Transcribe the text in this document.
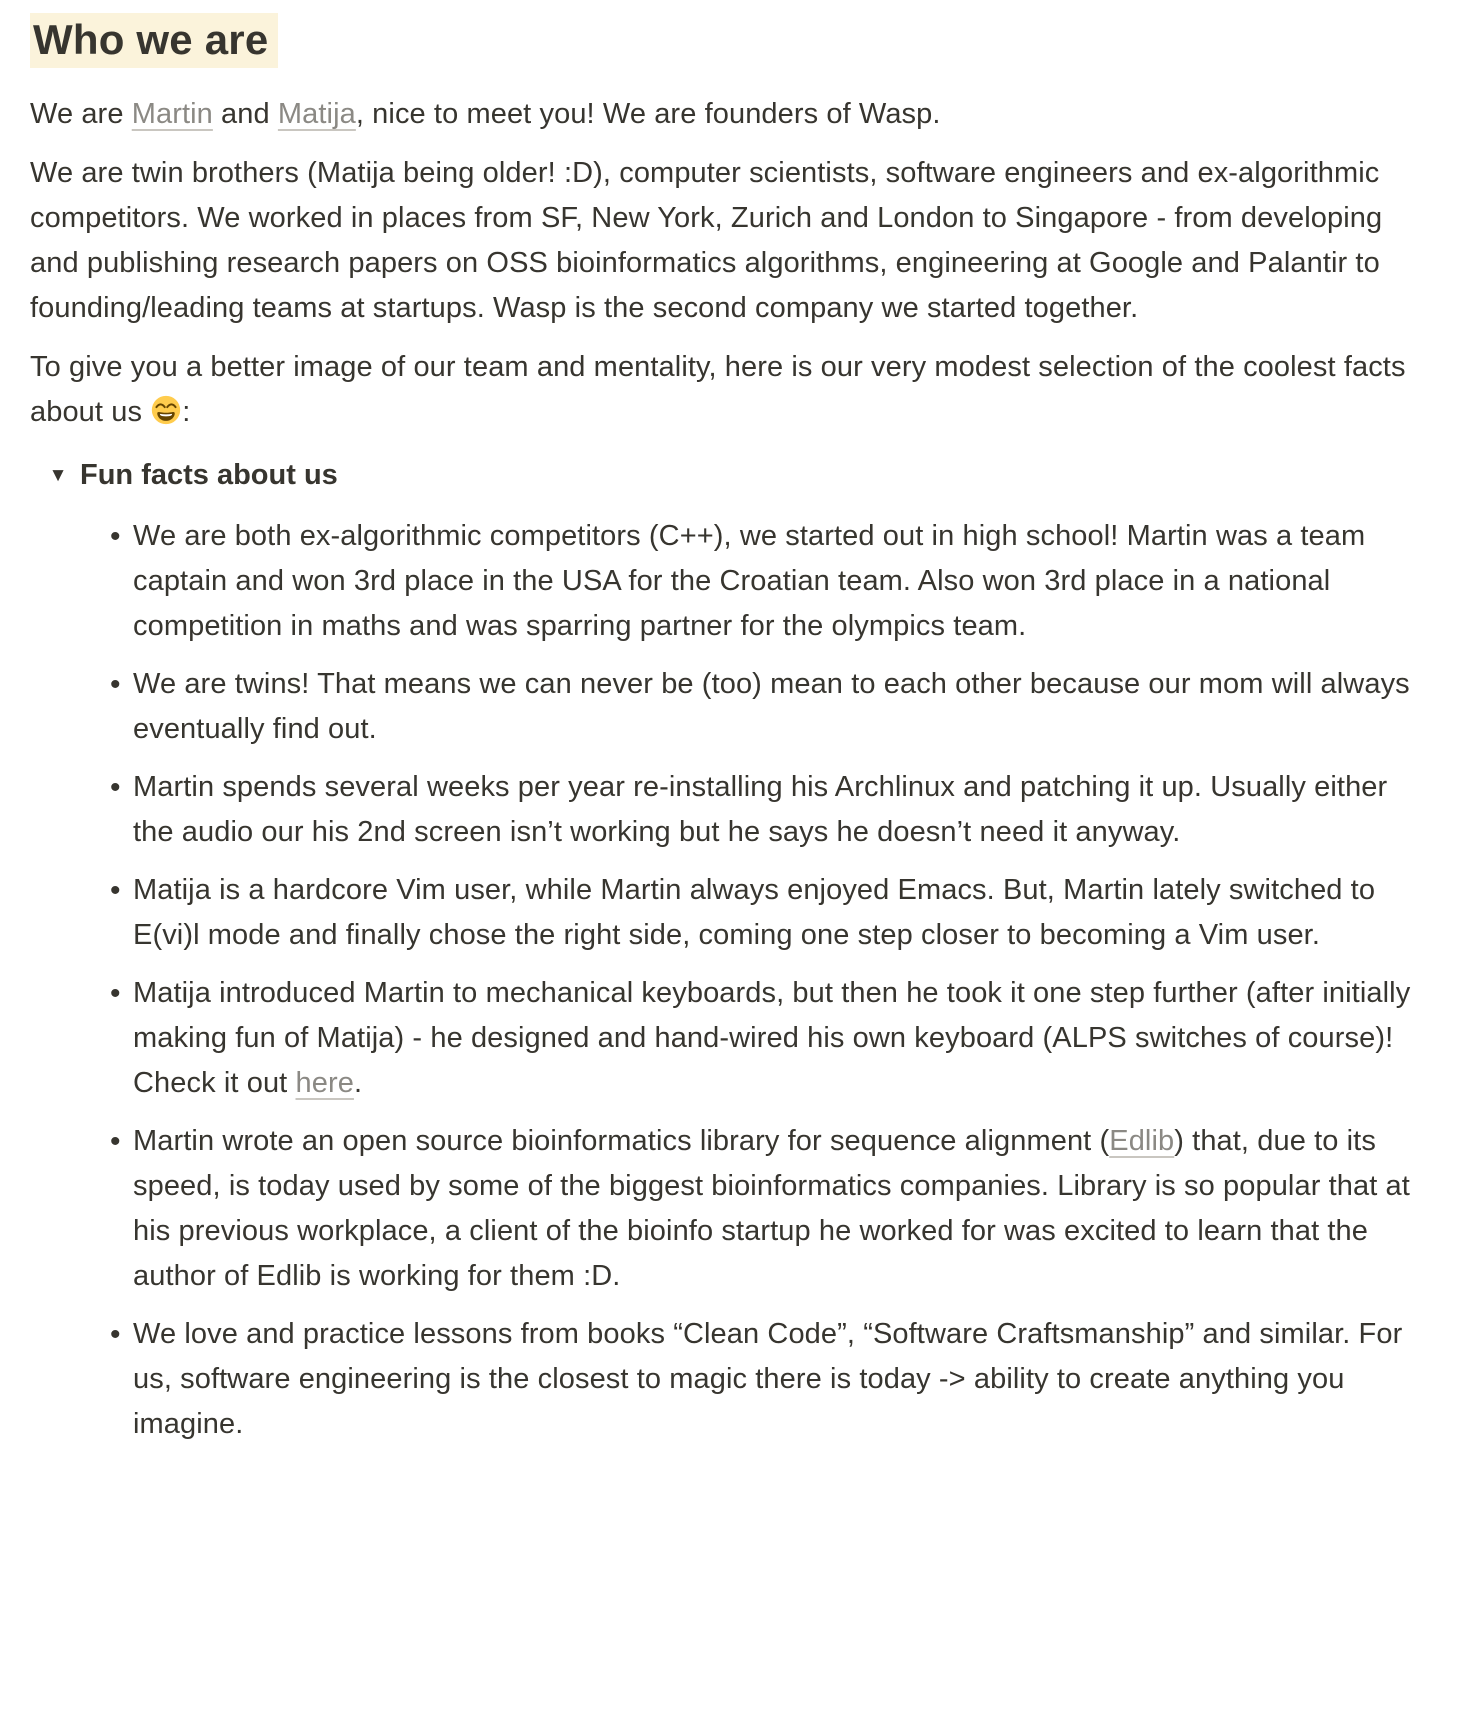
Who we are

We are Martin and Matija, nice to meet you! We are founders of Wasp.

We are twin brothers (Matija being older! :D), computer scientists, software engineers and ex-algorithmic competitors. We worked in places from SF, New York, Zurich and London to Singapore - from developing and publishing research papers on OSS bioinformatics algorithms, engineering at Google and Palantir to founding/leading teams at startups. Wasp is the second company we started together.

To give you a better image of our team and mentality, here is our very modest selection of the coolest facts about us :

▼ Fun facts about us
• We are both ex-algorithmic competitors (C++), we started out in high school! Martin was a team captain and won 3rd place in the USA for the Croatian team. Also won 3rd place in a national competition in maths and was sparring partner for the olympics team.
• We are twins! That means we can never be (too) mean to each other because our mom will always eventually find out.
• Martin spends several weeks per year re-installing his Archlinux and patching it up. Usually either the audio our his 2nd screen isn’t working but he says he doesn’t need it anyway.
• Matija is a hardcore Vim user, while Martin always enjoyed Emacs. But, Martin lately switched to E(vi)l mode and finally chose the right side, coming one step closer to becoming a Vim user.
• Matija introduced Martin to mechanical keyboards, but then he took it one step further (after initially making fun of Matija) - he designed and hand-wired his own keyboard (ALPS switches of course)! Check it out here.
• Martin wrote an open source bioinformatics library for sequence alignment (Edlib) that, due to its speed, is today used by some of the biggest bioinformatics companies. Library is so popular that at his previous workplace, a client of the bioinfo startup he worked for was excited to learn that the author of Edlib is working for them :D.
• We love and practice lessons from books “Clean Code”, “Software Craftsmanship” and similar. For us, software engineering is the closest to magic there is today -> ability to create anything you imagine.
